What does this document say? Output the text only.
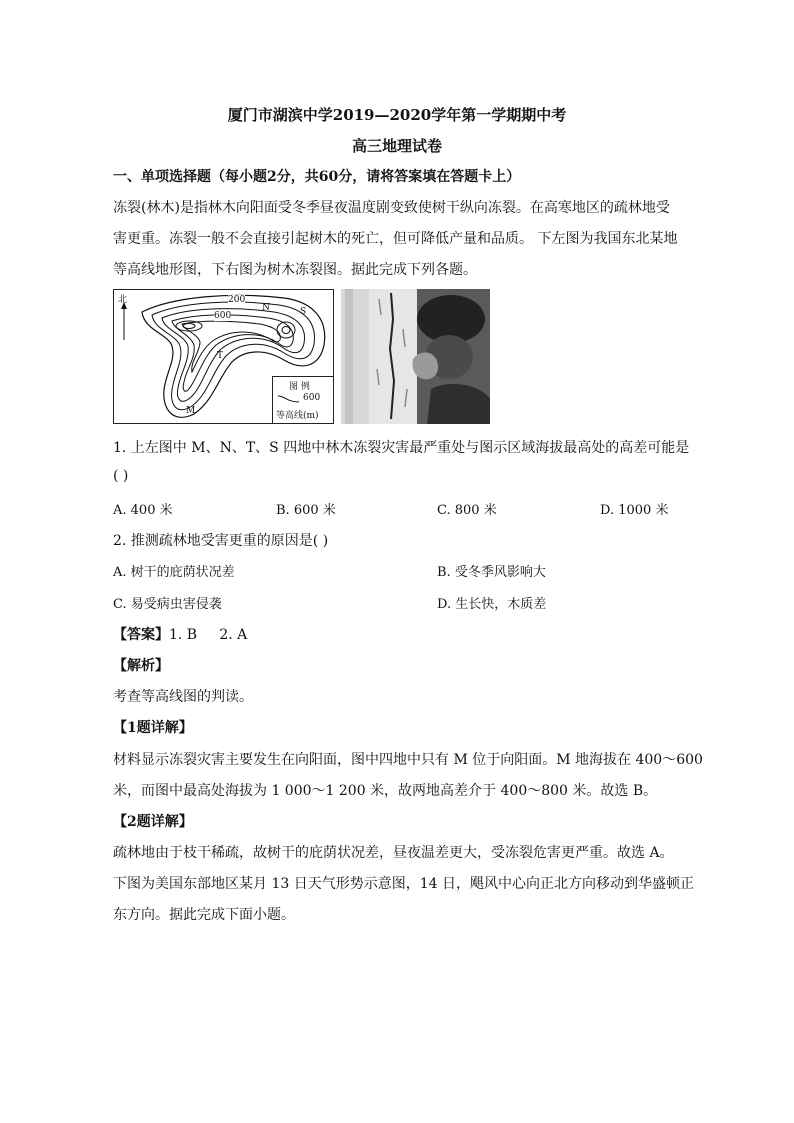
厦门市湖滨中学2019—2020学年第一学期期中考
高三地理试卷
一、单项选择题（每小题2分，共60分，请将答案填在答题卡上）
冻裂(林木)是指林木向阳面受冬季昼夜温度剧变致使树干纵向冻裂。在高寒地区的疏林地受
害更重。冻裂一般不会直接引起树木的死亡，但可降低产量和品质。 下左图为我国东北某地
等高线地形图，下右图为树木冻裂图。据此完成下列各题。
北	200
600
N	S
T
M
图 例
600
等高线(m)
1. 上左图中 M、N、T、S 四地中林木冻裂灾害最严重处与图示区域海拔最高处的高差可能是
( )
A. 400 米	B. 600 米	C. 800 米	D. 1000 米
2. 推测疏林地受害更重的原因是( )
A. 树干的庇荫状况差	B. 受冬季风影响大
C. 易受病虫害侵袭	D. 生长快，木质差
【答案】1. B     2. A
【解析】
考查等高线图的判读。
【1题详解】
材料显示冻裂灾害主要发生在向阳面，图中四地中只有 M 位于向阳面。M 地海拔在 400～600
米，而图中最高处海拔为 1 000～1 200 米，故两地高差介于 400～800 米。故选 B。
【2题详解】
疏林地由于枝干稀疏，故树干的庇荫状况差，昼夜温差更大，受冻裂危害更严重。故选 A。
下图为美国东部地区某月 13 日天气形势示意图，14 日，飓风中心向正北方向移动到华盛顿正
东方向。据此完成下面小题。
